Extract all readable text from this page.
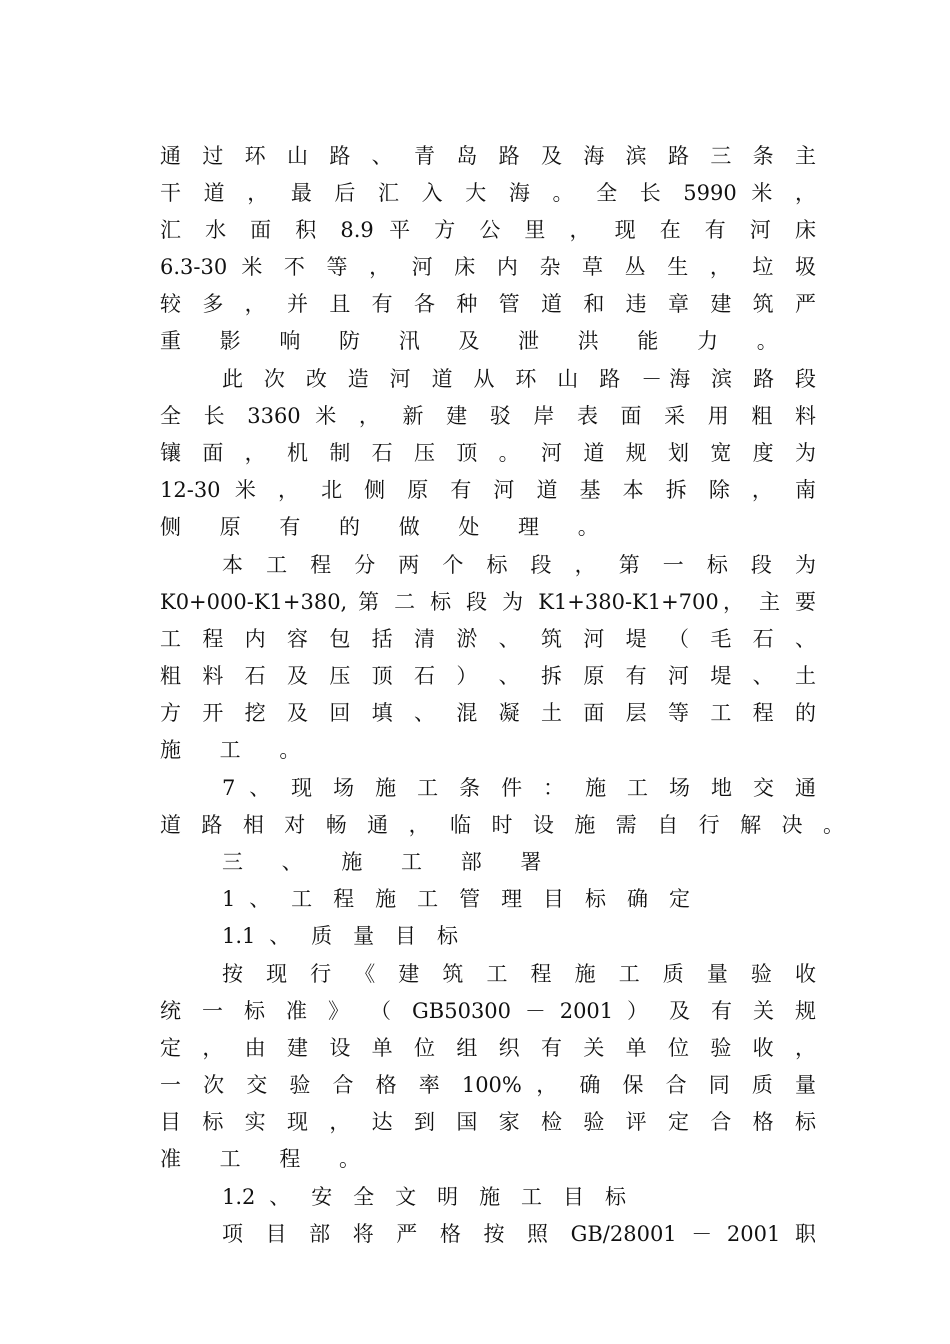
通 过 环 山 路 、 青 岛 路 及 海 滨 路 三 条 主

干 道 ， 最 后 汇 入 大 海 。 全 长 5990 米 ，

汇 水 面 积 8.9 平 方 公 里 ， 现 在 有 河 床

6.3-30 米 不 等 ， 河 床 内 杂 草 丛 生 ， 垃 圾

较 多 ， 并 且 有 各 种 管 道 和 违 章 建 筑 严

重 影 响 防 汛 及 泄 洪 能 力 。

此 次 改 造 河 道 从 环 山 路 －海 滨 路 段

全 长 3360 米 ， 新 建 驳 岸 表 面 采 用 粗 料

镶 面 ， 机 制 石 压 顶 。 河 道 规 划 宽 度 为

12-30 米 ， 北 侧 原 有 河 道 基 本 拆 除 ， 南

侧 原 有 的 做 处 理 。

本 工 程 分 两 个 标 段 ， 第 一 标 段 为

K0+000-K1+380, 第 二 标 段 为 K1+380-K1+700， 主 要

工 程 内 容 包 括 清 淤 、 筑 河 堤 （ 毛 石 、

粗 料 石 及 压 顶 石 ） 、 拆 原 有 河 堤 、 土

方 开 挖 及 回 填 、 混 凝 土 面 层 等 工 程 的

施 工 。

7 、 现 场 施 工 条 件 ： 施 工 场 地 交 通

道 路 相 对 畅 通 ， 临 时 设 施 需 自 行 解 决 。

三 、 施 工 部 署

1 、 工 程 施 工 管 理 目 标 确 定

1.1 、 质 量 目 标

按 现 行 《 建 筑 工 程 施 工 质 量 验 收

统 一 标 准 》 （ GB50300 － 2001 ） 及 有 关 规

定 ， 由 建 设 单 位 组 织 有 关 单 位 验 收 ，

一 次 交 验 合 格 率 100% ， 确 保 合 同 质 量

目 标 实 现 ， 达 到 国 家 检 验 评 定 合 格 标

准 工 程 。

1.2 、 安 全 文 明 施 工 目 标

项 目 部 将 严 格 按 照 GB/28001 － 2001 职
